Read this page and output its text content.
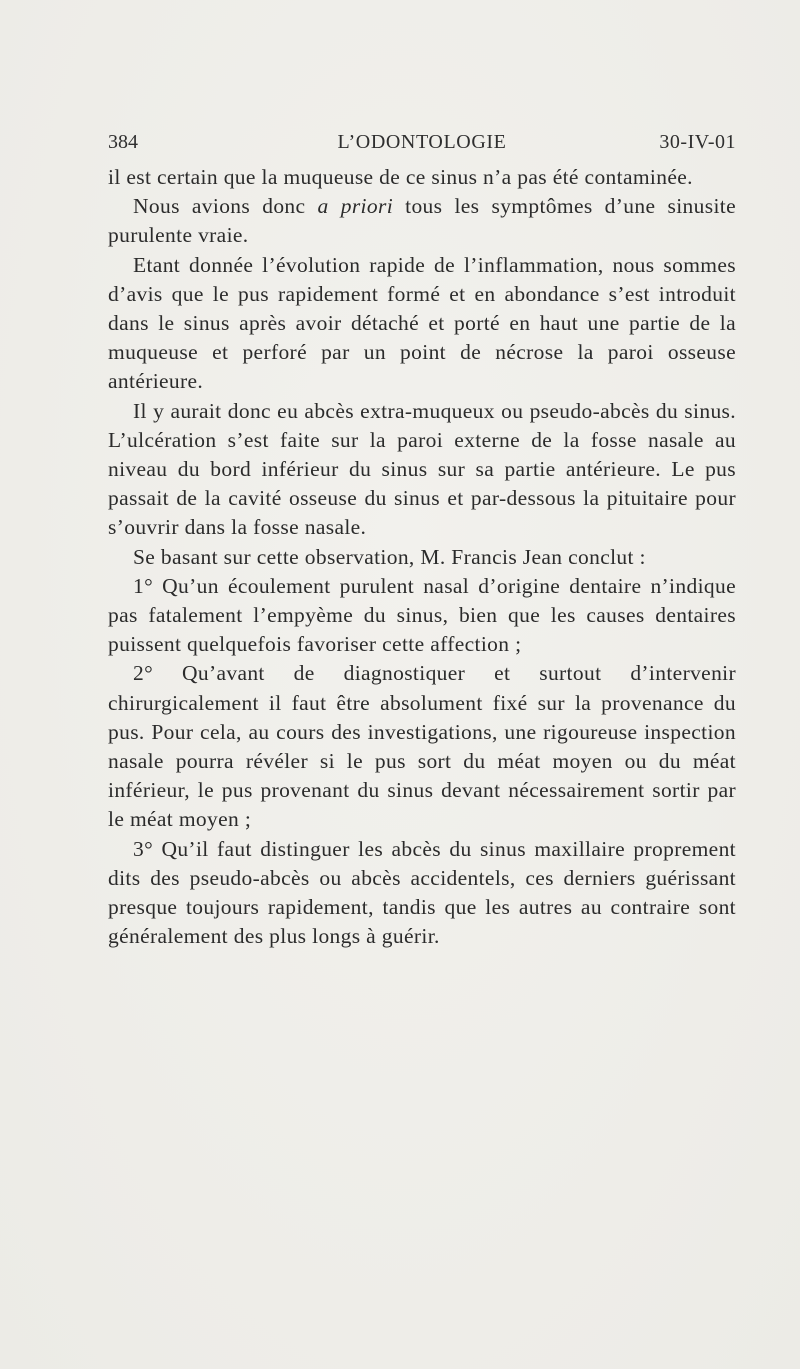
384	L’ODONTOLOGIE	30-IV-01

il est certain que la muqueuse de ce sinus n’a pas été contaminée.

Nous avions donc a priori tous les symptômes d’une sinusite purulente vraie.

Etant donnée l’évolution rapide de l’inflammation, nous sommes d’avis que le pus rapidement formé et en abondance s’est introduit dans le sinus après avoir détaché et porté en haut une partie de la muqueuse et perforé par un point de nécrose la paroi osseuse antérieure.

Il y aurait donc eu abcès extra-muqueux ou pseudo-abcès du sinus. L’ulcération s’est faite sur la paroi externe de la fosse nasale au niveau du bord inférieur du sinus sur sa partie antérieure. Le pus passait de la cavité osseuse du sinus et par-dessous la pituitaire pour s’ouvrir dans la fosse nasale.

Se basant sur cette observation, M. Francis Jean conclut :

1° Qu’un écoulement purulent nasal d’origine dentaire n’indique pas fatalement l’empyème du sinus, bien que les causes dentaires puissent quelquefois favoriser cette affection ;

2° Qu’avant de diagnostiquer et surtout d’intervenir chirurgicalement il faut être absolument fixé sur la provenance du pus. Pour cela, au cours des investigations, une rigoureuse inspection nasale pourra révéler si le pus sort du méat moyen ou du méat inférieur, le pus provenant du sinus devant nécessairement sortir par le méat moyen ;

3° Qu’il faut distinguer les abcès du sinus maxillaire proprement dits des pseudo-abcès ou abcès accidentels, ces derniers guérissant presque toujours rapidement, tandis que les autres au contraire sont généralement des plus longs à guérir.
